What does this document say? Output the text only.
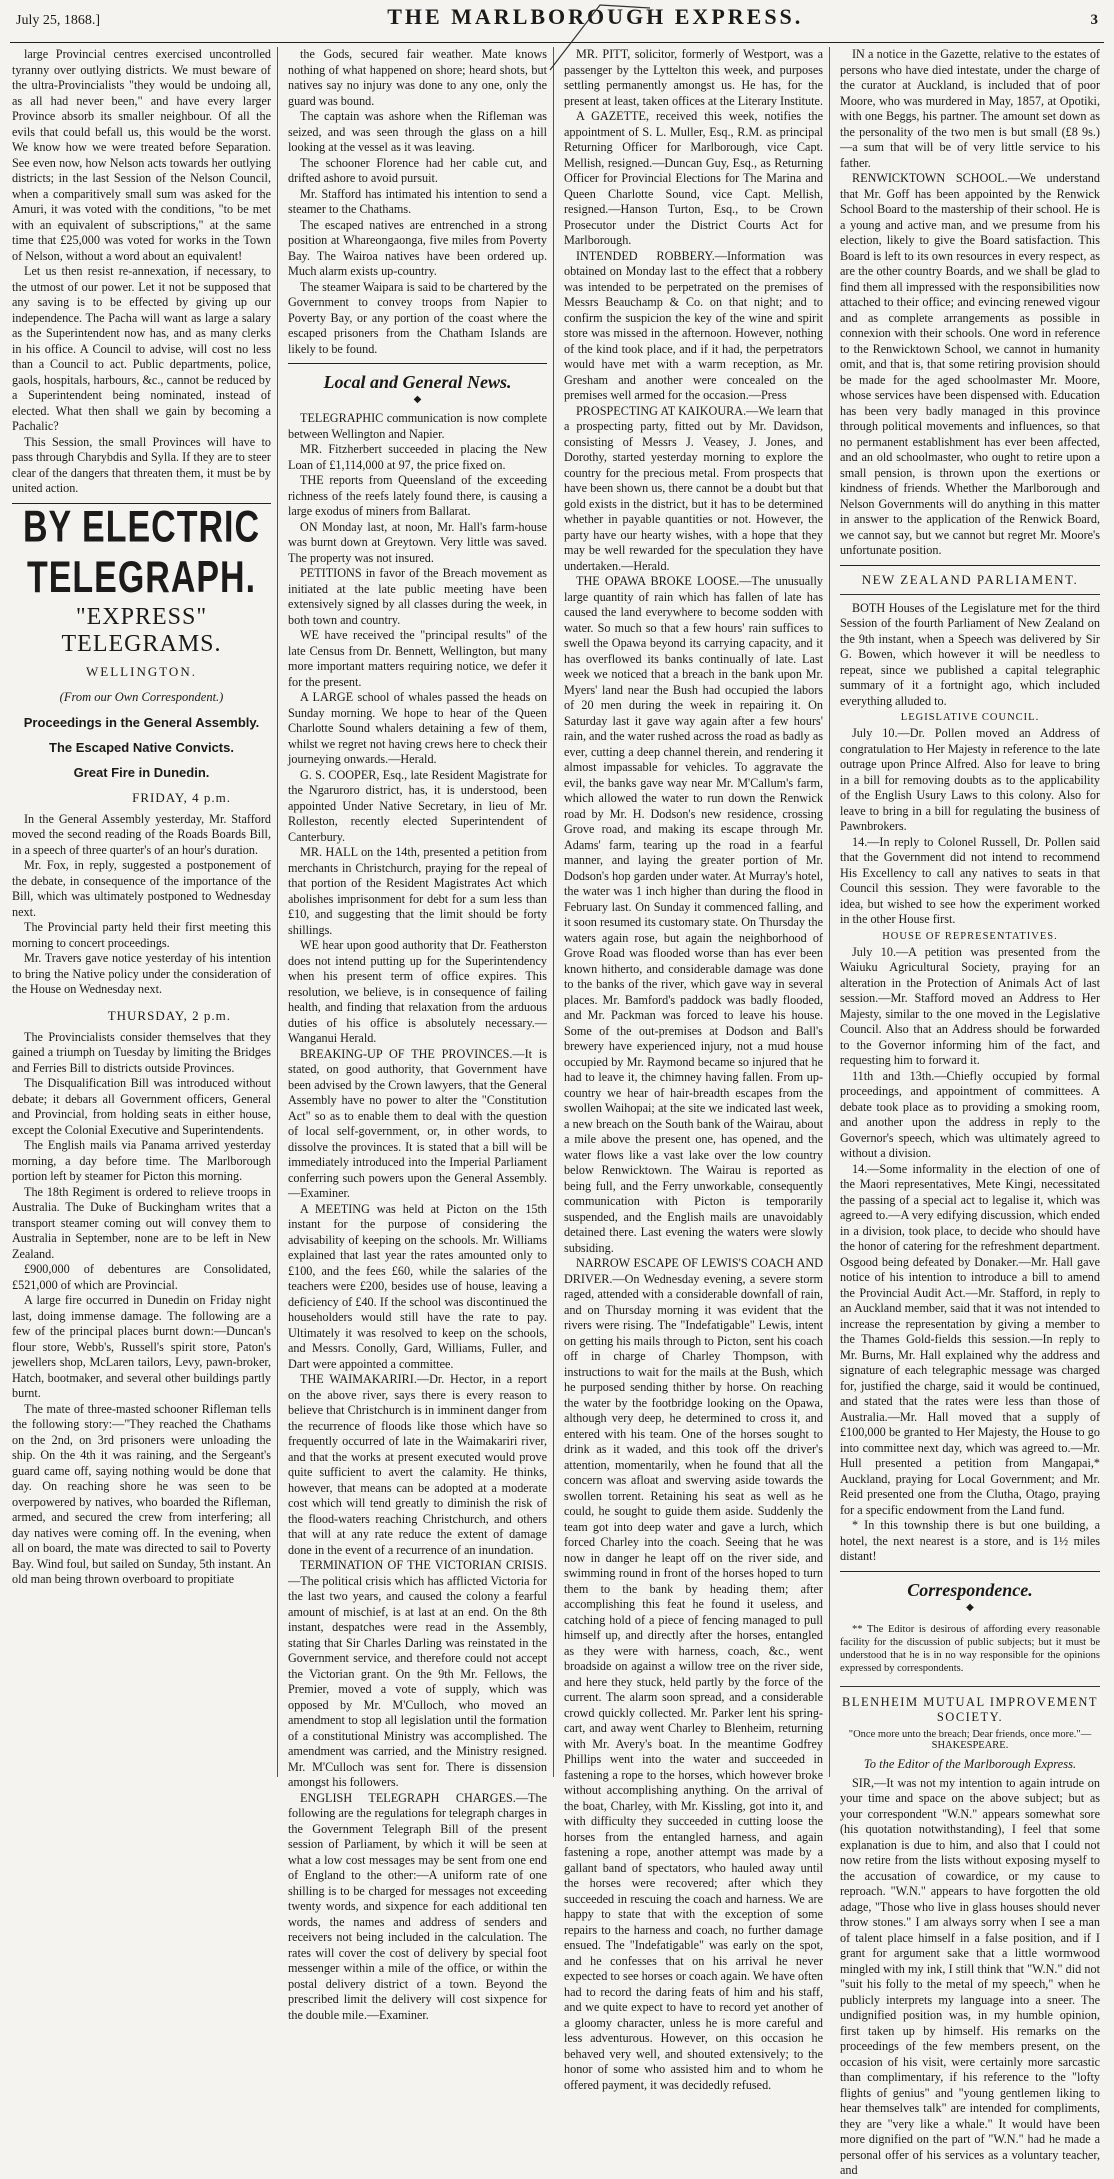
July 25, 1868.]	THE MARLBOROUGH EXPRESS.	3

large Provincial centres exercised uncontrolled tyranny over outlying districts. We must beware of the ultra-Provincialists "they would be undoing all, as all had never been," and have every larger Province absorb its smaller neighbour. Of all the evils that could befall us, this would be the worst. We know how we were treated before Separation. See even now, how Nelson acts towards her outlying districts; in the last Session of the Nelson Council, when a comparitively small sum was asked for the Amuri, it was voted with the conditions, "to be met with an equivalent of subscriptions," at the same time that £25,000 was voted for works in the Town of Nelson, without a word about an equivalent!

Let us then resist re-annexation, if necessary, to the utmost of our power. Let it not be supposed that any saving is to be effected by giving up our independence. The Pacha will want as large a salary as the Superintendent now has, and as many clerks in his office. A Council to advise, will cost no less than a Council to act. Public departments, police, gaols, hospitals, harbours, &c., cannot be reduced by a Superintendent being nominated, instead of elected. What then shall we gain by becoming a Pachalic?

This Session, the small Provinces will have to pass through Charybdis and Sylla. If they are to steer clear of the dangers that threaten them, it must be by united action.

BY ELECTRIC TELEGRAPH.
"EXPRESS" TELEGRAMS.
WELLINGTON.
(From our Own Correspondent.)
Proceedings in the General Assembly.
The Escaped Native Convicts.
Great Fire in Dunedin.
FRIDAY, 4 p.m.

In the General Assembly yesterday, Mr. Stafford moved the second reading of the Roads Boards Bill, in a speech of three quarter's of an hour's duration.

Mr. Fox, in reply, suggested a postponement of the debate, in consequence of the importance of the Bill, which was ultimately postponed to Wednesday next.

The Provincial party held their first meeting this morning to concert proceedings.

Mr. Travers gave notice yesterday of his intention to bring the Native policy under the consideration of the House on Wednesday next.

THURSDAY, 2 p.m.

The Provincialists consider themselves that they gained a triumph on Tuesday by limiting the Bridges and Ferries Bill to districts outside Provinces.

The Disqualification Bill was introduced without debate; it debars all Government officers, General and Provincial, from holding seats in either house, except the Colonial Executive and Superintendents.

The English mails via Panama arrived yesterday morning, a day before time. The Marlborough portion left by steamer for Picton this morning.

The 18th Regiment is ordered to relieve troops in Australia. The Duke of Buckingham writes that a transport steamer coming out will convey them to Australia in September, none are to be left in New Zealand.

£900,000 of debentures are Consolidated, £521,000 of which are Provincial.

A large fire occurred in Dunedin on Friday night last, doing immense damage. The following are a few of the principal places burnt down:—Duncan's flour store, Webb's, Russell's spirit store, Paton's jewellers shop, McLaren tailors, Levy, pawn-broker, Hatch, bootmaker, and several other buildings partly burnt.

The mate of three-masted schooner Rifleman tells the following story:—"They reached the Chathams on the 2nd, on 3rd prisoners were unloading the ship. On the 4th it was raining, and the Sergeant's guard came off, saying nothing would be done that day. On reaching shore he was seen to be overpowered by natives, who boarded the Rifleman, armed, and secured the crew from interfering; all day natives were coming off. In the evening, when all on board, the mate was directed to sail to Poverty Bay. Wind foul, but sailed on Sunday, 5th instant. An old man being thrown overboard to propitiate

the Gods, secured fair weather. Mate knows nothing of what happened on shore; heard shots, but natives say no injury was done to any one, only the guard was bound.

The captain was ashore when the Rifleman was seized, and was seen through the glass on a hill looking at the vessel as it was leaving.

The schooner Florence had her cable cut, and drifted ashore to avoid pursuit.

Mr. Stafford has intimated his intention to send a steamer to the Chathams.

The escaped natives are entrenched in a strong position at Whareongaonga, five miles from Poverty Bay. The Wairoa natives have been ordered up. Much alarm exists up-country.

The steamer Waipara is said to be chartered by the Government to convey troops from Napier to Poverty Bay, or any portion of the coast where the escaped prisoners from the Chatham Islands are likely to be found.

Local and General News.
◆

TELEGRAPHIC communication is now complete between Wellington and Napier.

MR. Fitzherbert succeeded in placing the New Loan of £1,114,000 at 97, the price fixed on.

THE reports from Queensland of the exceeding richness of the reefs lately found there, is causing a large exodus of miners from Ballarat.

ON Monday last, at noon, Mr. Hall's farm-house was burnt down at Greytown. Very little was saved. The property was not insured.

PETITIONS in favor of the Breach movement as initiated at the late public meeting have been extensively signed by all classes during the week, in both town and country.

WE have received the "principal results" of the late Census from Dr. Bennett, Wellington, but many more important matters requiring notice, we defer it for the present.

A LARGE school of whales passed the heads on Sunday morning. We hope to hear of the Queen Charlotte Sound whalers detaining a few of them, whilst we regret not having crews here to check their journeying onwards.—Herald.

G. S. COOPER, Esq., late Resident Magistrate for the Ngaruroro district, has, it is understood, been appointed Under Native Secretary, in lieu of Mr. Rolleston, recently elected Superintendent of Canterbury.

MR. HALL on the 14th, presented a petition from merchants in Christchurch, praying for the repeal of that portion of the Resident Magistrates Act which abolishes imprisonment for debt for a sum less than £10, and suggesting that the limit should be forty shillings.

WE hear upon good authority that Dr. Featherston does not intend putting up for the Superintendency when his present term of office expires. This resolution, we believe, is in consequence of failing health, and finding that relaxation from the arduous duties of his office is absolutely necessary.—Wanganui Herald.

BREAKING-UP OF THE PROVINCES.—It is stated, on good authority, that Government have been advised by the Crown lawyers, that the General Assembly have no power to alter the "Constitution Act" so as to enable them to deal with the question of local self-government, or, in other words, to dissolve the provinces. It is stated that a bill will be immediately introduced into the Imperial Parliament conferring such powers upon the General Assembly.—Examiner.

A MEETING was held at Picton on the 15th instant for the purpose of considering the advisability of keeping on the schools. Mr. Williams explained that last year the rates amounted only to £100, and the fees £60, while the salaries of the teachers were £200, besides use of house, leaving a deficiency of £40. If the school was discontinued the householders would still have the rate to pay. Ultimately it was resolved to keep on the schools, and Messrs. Conolly, Gard, Williams, Fuller, and Dart were appointed a committee.

THE WAIMAKARIRI.—Dr. Hector, in a report on the above river, says there is every reason to believe that Christchurch is in imminent danger from the recurrence of floods like those which have so frequently occurred of late in the Waimakariri river, and that the works at present executed would prove quite sufficient to avert the calamity. He thinks, however, that means can be adopted at a moderate cost which will tend greatly to diminish the risk of the flood-waters reaching Christchurch, and others that will at any rate reduce the extent of damage done in the event of a recurrence of an inundation.

TERMINATION OF THE VICTORIAN CRISIS.—The political crisis which has afflicted Victoria for the last two years, and caused the colony a fearful amount of mischief, is at last at an end. On the 8th instant, despatches were read in the Assembly, stating that Sir Charles Darling was reinstated in the Government service, and therefore could not accept the Victorian grant. On the 9th Mr. Fellows, the Premier, moved a vote of supply, which was opposed by Mr. M'Culloch, who moved an amendment to stop all legislation until the formation of a constitutional Ministry was accomplished. The amendment was carried, and the Ministry resigned. Mr. M'Culloch was sent for. There is dissension amongst his followers.

ENGLISH TELEGRAPH CHARGES.—The following are the regulations for telegraph charges in the Government Telegraph Bill of the present session of Parliament, by which it will be seen at what a low cost messages may be sent from one end of England to the other:—A uniform rate of one shilling is to be charged for messages not exceeding twenty words, and sixpence for each additional ten words, the names and address of senders and receivers not being included in the calculation. The rates will cover the cost of delivery by special foot messenger within a mile of the office, or within the postal delivery district of a town. Beyond the prescribed limit the delivery will cost sixpence for the double mile.—Examiner.

MR. PITT, solicitor, formerly of Westport, was a passenger by the Lyttelton this week, and purposes settling permanently amongst us. He has, for the present at least, taken offices at the Literary Institute.

A GAZETTE, received this week, notifies the appointment of S. L. Muller, Esq., R.M. as principal Returning Officer for Marlborough, vice Capt. Mellish, resigned.—Duncan Guy, Esq., as Returning Officer for Provincial Elections for The Marina and Queen Charlotte Sound, vice Capt. Mellish, resigned.—Hanson Turton, Esq., to be Crown Prosecutor under the District Courts Act for Marlborough.

INTENDED ROBBERY.—Information was obtained on Monday last to the effect that a robbery was intended to be perpetrated on the premises of Messrs Beauchamp & Co. on that night; and to confirm the suspicion the key of the wine and spirit store was missed in the afternoon. However, nothing of the kind took place, and if it had, the perpetrators would have met with a warm reception, as Mr. Gresham and another were concealed on the premises well armed for the occasion.—Press

PROSPECTING AT KAIKOURA.—We learn that a prospecting party, fitted out by Mr. Davidson, consisting of Messrs J. Veasey, J. Jones, and Dorothy, started yesterday morning to explore the country for the precious metal. From prospects that have been shown us, there cannot be a doubt but that gold exists in the district, but it has to be determined whether in payable quantities or not. However, the party have our hearty wishes, with a hope that they may be well rewarded for the speculation they have undertaken.—Herald.

THE OPAWA BROKE LOOSE.—The unusually large quantity of rain which has fallen of late has caused the land everywhere to become sodden with water. So much so that a few hours' rain suffices to swell the Opawa beyond its carrying capacity, and it has overflowed its banks continually of late. Last week we noticed that a breach in the bank upon Mr. Myers' land near the Bush had occupied the labors of 20 men during the week in repairing it. On Saturday last it gave way again after a few hours' rain, and the water rushed across the road as badly as ever, cutting a deep channel therein, and rendering it almost impassable for vehicles. To aggravate the evil, the banks gave way near Mr. M'Callum's farm, which allowed the water to run down the Renwick road by Mr. H. Dodson's new residence, crossing Grove road, and making its escape through Mr. Adams' farm, tearing up the road in a fearful manner, and laying the greater portion of Mr. Dodson's hop garden under water. At Murray's hotel, the water was 1 inch higher than during the flood in February last. On Sunday it commenced falling, and it soon resumed its customary state. On Thursday the waters again rose, but again the neighborhood of Grove Road was flooded worse than has ever been known hitherto, and considerable damage was done to the banks of the river, which gave way in several places. Mr. Bamford's paddock was badly flooded, and Mr. Packman was forced to leave his house. Some of the out-premises at Dodson and Ball's brewery have experienced injury, not a mud house occupied by Mr. Raymond became so injured that he had to leave it, the chimney having fallen. From up-country we hear of hair-breadth escapes from the swollen Waihopai; at the site we indicated last week, a new breach on the South bank of the Wairau, about a mile above the present one, has opened, and the water flows like a vast lake over the low country below Renwicktown. The Wairau is reported as being full, and the Ferry unworkable, consequently communication with Picton is temporarily suspended, and the English mails are unavoidably detained there. Last evening the waters were slowly subsiding.

NARROW ESCAPE OF LEWIS'S COACH AND DRIVER.—On Wednesday evening, a severe storm raged, attended with a considerable downfall of rain, and on Thursday morning it was evident that the rivers were rising. The "Indefatigable" Lewis, intent on getting his mails through to Picton, sent his coach off in charge of Charley Thompson, with instructions to wait for the mails at the Bush, which he purposed sending thither by horse. On reaching the water by the footbridge looking on the Opawa, although very deep, he determined to cross it, and entered with his team. One of the horses sought to drink as it waded, and this took off the driver's attention, momentarily, when he found that all the concern was afloat and swerving aside towards the swollen torrent. Retaining his seat as well as he could, he sought to guide them aside. Suddenly the team got into deep water and gave a lurch, which forced Charley into the coach. Seeing that he was now in danger he leapt off on the river side, and swimming round in front of the horses hoped to turn them to the bank by heading them; after accomplishing this feat he found it useless, and catching hold of a piece of fencing managed to pull himself up, and directly after the horses, entangled as they were with harness, coach, &c., went broadside on against a willow tree on the river side, and here they stuck, held partly by the force of the current. The alarm soon spread, and a considerable crowd quickly collected. Mr. Parker lent his spring-cart, and away went Charley to Blenheim, returning with Mr. Avery's boat. In the meantime Godfrey Phillips went into the water and succeeded in fastening a rope to the horses, which however broke without accomplishing anything. On the arrival of the boat, Charley, with Mr. Kissling, got into it, and with difficulty they succeeded in cutting loose the horses from the entangled harness, and again fastening a rope, another attempt was made by a gallant band of spectators, who hauled away until the horses were recovered; after which they succeeded in rescuing the coach and harness. We are happy to state that with the exception of some repairs to the harness and coach, no further damage ensued. The "Indefatigable" was early on the spot, and he confesses that on his arrival he never expected to see horses or coach again. We have often had to record the daring feats of him and his staff, and we quite expect to have to record yet another of a gloomy character, unless he is more careful and less adventurous. However, on this occasion he behaved very well, and shouted extensively; to the honor of some who assisted him and to whom he offered payment, it was decidedly refused.

IN a notice in the Gazette, relative to the estates of persons who have died intestate, under the charge of the curator at Auckland, is included that of poor Moore, who was murdered in May, 1857, at Opotiki, with one Beggs, his partner. The amount set down as the personality of the two men is but small (£8 9s.)—a sum that will be of very little service to his father.

RENWICKTOWN SCHOOL.—We understand that Mr. Goff has been appointed by the Renwick School Board to the mastership of their school. He is a young and active man, and we presume from his election, likely to give the Board satisfaction. This Board is left to its own resources in every respect, as are the other country Boards, and we shall be glad to find them all impressed with the responsibilities now attached to their office; and evincing renewed vigour and as complete arrangements as possible in connexion with their schools. One word in reference to the Renwicktown School, we cannot in humanity omit, and that is, that some retiring provision should be made for the aged schoolmaster Mr. Moore, whose services have been dispensed with. Education has been very badly managed in this province through political movements and influences, so that no permanent establishment has ever been affected, and an old schoolmaster, who ought to retire upon a small pension, is thrown upon the exertions or kindness of friends. Whether the Marlborough and Nelson Governments will do anything in this matter in answer to the application of the Renwick Board, we cannot say, but we cannot but regret Mr. Moore's unfortunate position.

NEW ZEALAND PARLIAMENT.

BOTH Houses of the Legislature met for the third Session of the fourth Parliament of New Zealand on the 9th instant, when a Speech was delivered by Sir G. Bowen, which however it will be needless to repeat, since we published a capital telegraphic summary of it a fortnight ago, which included everything alluded to.

LEGISLATIVE COUNCIL.

July 10.—Dr. Pollen moved an Address of congratulation to Her Majesty in reference to the late outrage upon Prince Alfred. Also for leave to bring in a bill for removing doubts as to the applicability of the English Usury Laws to this colony. Also for leave to bring in a bill for regulating the business of Pawnbrokers.

14.—In reply to Colonel Russell, Dr. Pollen said that the Government did not intend to recommend His Excellency to call any natives to seats in that Council this session. They were favorable to the idea, but wished to see how the experiment worked in the other House first.

HOUSE OF REPRESENTATIVES.

July 10.—A petition was presented from the Waiuku Agricultural Society, praying for an alteration in the Protection of Animals Act of last session.—Mr. Stafford moved an Address to Her Majesty, similar to the one moved in the Legislative Council. Also that an Address should be forwarded to the Governor informing him of the fact, and requesting him to forward it.

11th and 13th.—Chiefly occupied by formal proceedings, and appointment of committees. A debate took place as to providing a smoking room, and another upon the address in reply to the Governor's speech, which was ultimately agreed to without a division.

14.—Some informality in the election of one of the Maori representatives, Mete Kingi, necessitated the passing of a special act to legalise it, which was agreed to.—A very edifying discussion, which ended in a division, took place, to decide who should have the honor of catering for the refreshment department. Osgood being defeated by Donaker.—Mr. Hall gave notice of his intention to introduce a bill to amend the Provincial Audit Act.—Mr. Stafford, in reply to an Auckland member, said that it was not intended to increase the representation by giving a member to the Thames Gold-fields this session.—In reply to Mr. Burns, Mr. Hall explained why the address and signature of each telegraphic message was charged for, justified the charge, said it would be continued, and stated that the rates were less than those of Australia.—Mr. Hall moved that a supply of £100,000 be granted to Her Majesty, the House to go into committee next day, which was agreed to.—Mr. Hull presented a petition from Mangapai,* Auckland, praying for Local Government; and Mr. Reid presented one from the Clutha, Otago, praying for a specific endowment from the Land fund.

* In this township there is but one building, a hotel, the next nearest is a store, and is 1½ miles distant!

Correspondence.
◆

** The Editor is desirous of affording every reasonable facility for the discussion of public subjects; but it must be understood that he is in no way responsible for the opinions expressed by correspondents.

BLENHEIM MUTUAL IMPROVEMENT SOCIETY.
"Once more unto the breach; Dear friends, once more."—SHAKESPEARE.
To the Editor of the Marlborough Express.

SIR,—It was not my intention to again intrude on your time and space on the above subject; but as your correspondent "W.N." appears somewhat sore (his quotation notwithstanding), I feel that some explanation is due to him, and also that I could not now retire from the lists without exposing myself to the accusation of cowardice, or my cause to reproach. "W.N." appears to have forgotten the old adage, "Those who live in glass houses should never throw stones." I am always sorry when I see a man of talent place himself in a false position, and if I grant for argument sake that a little wormwood mingled with my ink, I still think that "W.N." did not "suit his folly to the metal of my speech," when he publicly interprets my language into a sneer. The undignified position was, in my humble opinion, first taken up by himself. His remarks on the proceedings of the few members present, on the occasion of his visit, were certainly more sarcastic than complimentary, if his reference to the "lofty flights of genius" and "young gentlemen liking to hear themselves talk" are intended for compliments, they are "very like a whale." It would have been more dignified on the part of "W.N." had he made a personal offer of his services as a voluntary teacher, and
